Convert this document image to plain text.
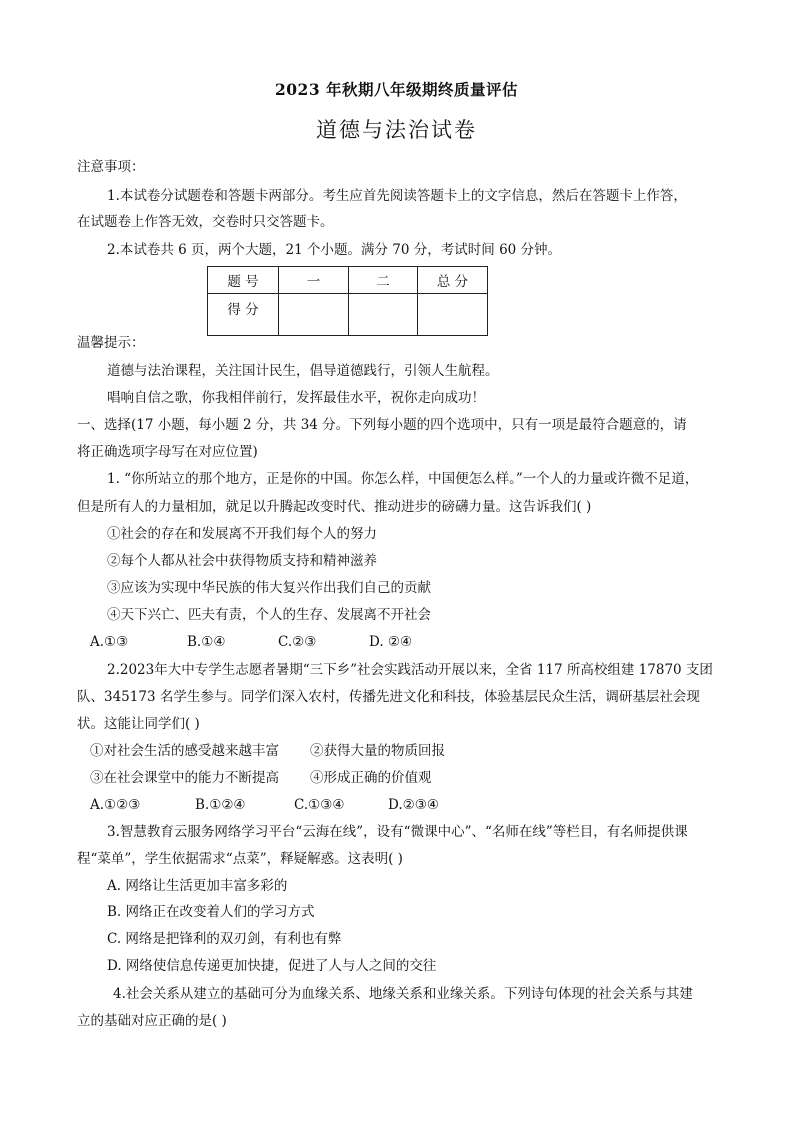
2023 年秋期八年级期终质量评估
道德与法治试卷
注意事项：
1.本试卷分试题卷和答题卡两部分。考生应首先阅读答题卡上的文字信息，然后在答题卡上作答，
在试题卷上作答无效，交卷时只交答题卡。
2.本试卷共 6 页，两个大题，21 个小题。满分 70 分，考试时间 60 分钟。
题 号	一	二	总 分
得 分			
温馨提示：
道德与法治课程，关注国计民生，倡导道德践行，引领人生航程。
唱响自信之歌，你我相伴前行，发挥最佳水平，祝你走向成功！
一、选择(17 小题，每小题 2 分，共 34 分。下列每小题的四个选项中，只有一项是最符合题意的，请
将正确选项字母写在对应位置)
1. “你所站立的那个地方，正是你的中国。你怎么样，中国便怎么样。”一个人的力量或许微不足道，
但是所有人的力量相加，就足以升腾起改变时代、推动进步的磅礴力量。这告诉我们( )
①社会的存在和发展离不开我们每个人的努力
②每个人都从社会中获得物质支持和精神滋养
③应该为实现中华民族的伟大复兴作出我们自己的贡献
④天下兴亡、匹夫有责，个人的生存、发展离不开社会
A.①③	B.①④	C.②③	D. ②④
2.2023年大中专学生志愿者暑期“三下乡”社会实践活动开展以来，全省 117 所高校组建 17870 支团
队、345173 名学生参与。同学们深入农村，传播先进文化和科技，体验基层民众生活，调研基层社会现
状。这能让同学们( )
①对社会生活的感受越来越丰富 ②获得大量的物质回报
③在社会课堂中的能力不断提高 ④形成正确的价值观
A.①②③	B.①②④	C.①③④	D.②③④
3.智慧教育云服务网络学习平台“云海在线”，设有“微课中心”、“名师在线”等栏目，有名师提供课
程“菜单”，学生依据需求“点菜”，释疑解惑。这表明( )
A. 网络让生活更加丰富多彩的
B. 网络正在改变着人们的学习方式
C. 网络是把锋利的双刃剑，有利也有弊
D. 网络使信息传递更加快捷，促进了人与人之间的交往
4.社会关系从建立的基础可分为血缘关系、地缘关系和业缘关系。下列诗句体现的社会关系与其建
立的基础对应正确的是( )
